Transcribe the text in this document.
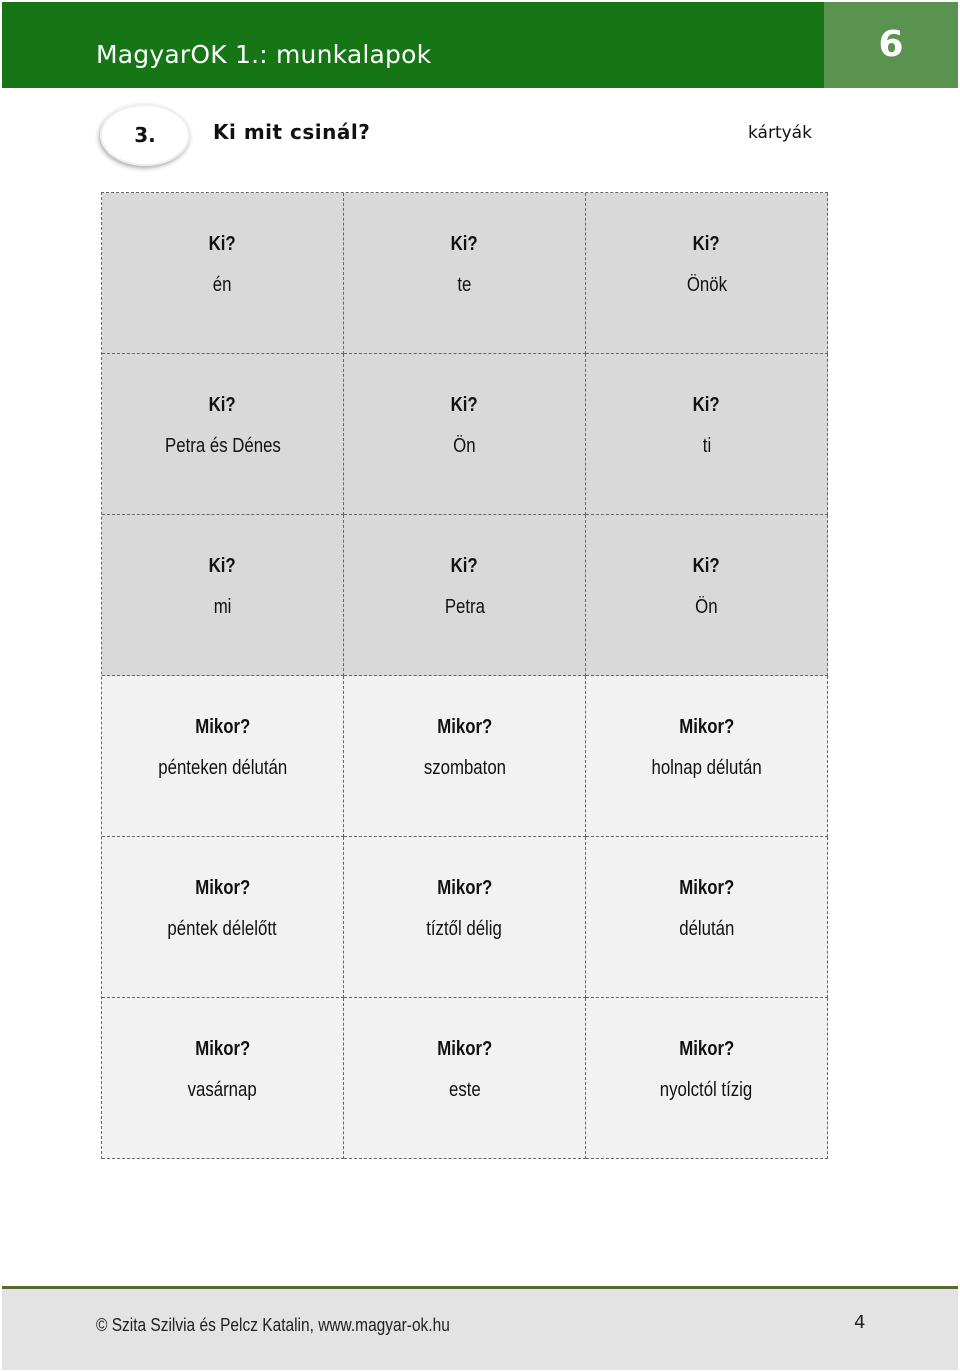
MagyarOK 1.: munkalapok	6
3.	Ki mit csinál?	kártyák
Ki?
én
Ki?
te
Ki?
Önök
Ki?
Petra és Dénes
Ki?
Ön
Ki?
ti
Ki?
mi
Ki?
Petra
Ki?
Ön
Mikor?
pénteken délután
Mikor?
szombaton
Mikor?
holnap délután
Mikor?
péntek délelőtt
Mikor?
tíztől délig
Mikor?
délután
Mikor?
vasárnap
Mikor?
este
Mikor?
nyolctól tízig
© Szita Szilvia és Pelcz Katalin, www.magyar-ok.hu	4
